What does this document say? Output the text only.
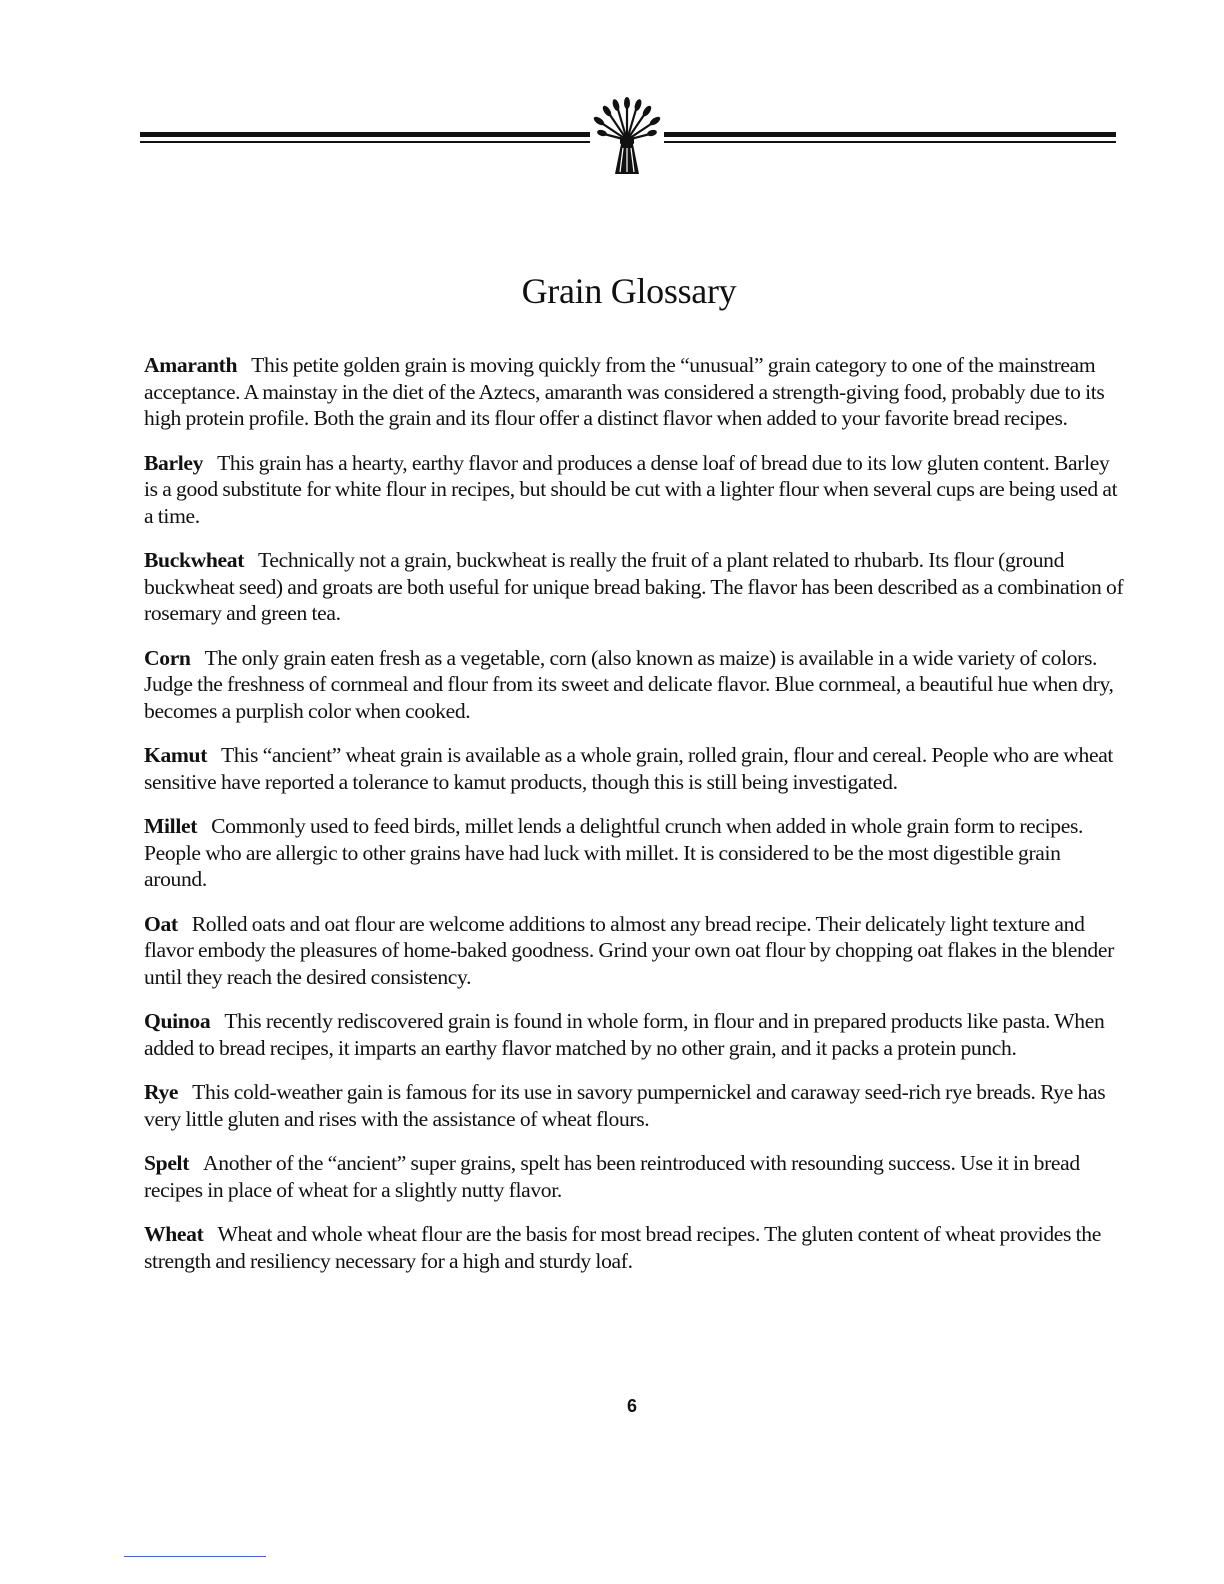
Grain Glossary

Amaranth This petite golden grain is moving quickly from the “unusual” grain category to one of the mainstream acceptance. A mainstay in the diet of the Aztecs, amaranth was considered a strength-giving food, probably due to its high protein profile. Both the grain and its flour offer a distinct flavor when added to your favorite bread recipes.

Barley This grain has a hearty, earthy flavor and produces a dense loaf of bread due to its low gluten content. Barley is a good substitute for white flour in recipes, but should be cut with a lighter flour when several cups are being used at a time.

Buckwheat Technically not a grain, buckwheat is really the fruit of a plant related to rhubarb. Its flour (ground buckwheat seed) and groats are both useful for unique bread baking. The flavor has been described as a combination of rosemary and green tea.

Corn The only grain eaten fresh as a vegetable, corn (also known as maize) is available in a wide variety of colors. Judge the freshness of cornmeal and flour from its sweet and delicate flavor. Blue cornmeal, a beautiful hue when dry, becomes a purplish color when cooked.

Kamut This “ancient” wheat grain is available as a whole grain, rolled grain, flour and cereal. People who are wheat sensitive have reported a tolerance to kamut products, though this is still being investigated.

Millet Commonly used to feed birds, millet lends a delightful crunch when added in whole grain form to recipes. People who are allergic to other grains have had luck with millet. It is considered to be the most digestible grain around.

Oat Rolled oats and oat flour are welcome additions to almost any bread recipe. Their delicately light texture and flavor embody the pleasures of home-baked goodness. Grind your own oat flour by chopping oat flakes in the blender until they reach the desired consistency.

Quinoa This recently rediscovered grain is found in whole form, in flour and in prepared products like pasta. When added to bread recipes, it imparts an earthy flavor matched by no other grain, and it packs a protein punch.

Rye This cold-weather gain is famous for its use in savory pumpernickel and caraway seed-rich rye breads. Rye has very little gluten and rises with the assistance of wheat flours.

Spelt Another of the “ancient” super grains, spelt has been reintroduced with resounding success. Use it in bread recipes in place of wheat for a slightly nutty flavor.

Wheat Wheat and whole wheat flour are the basis for most bread recipes. The gluten content of wheat provides the strength and resiliency necessary for a high and sturdy loaf.

6
